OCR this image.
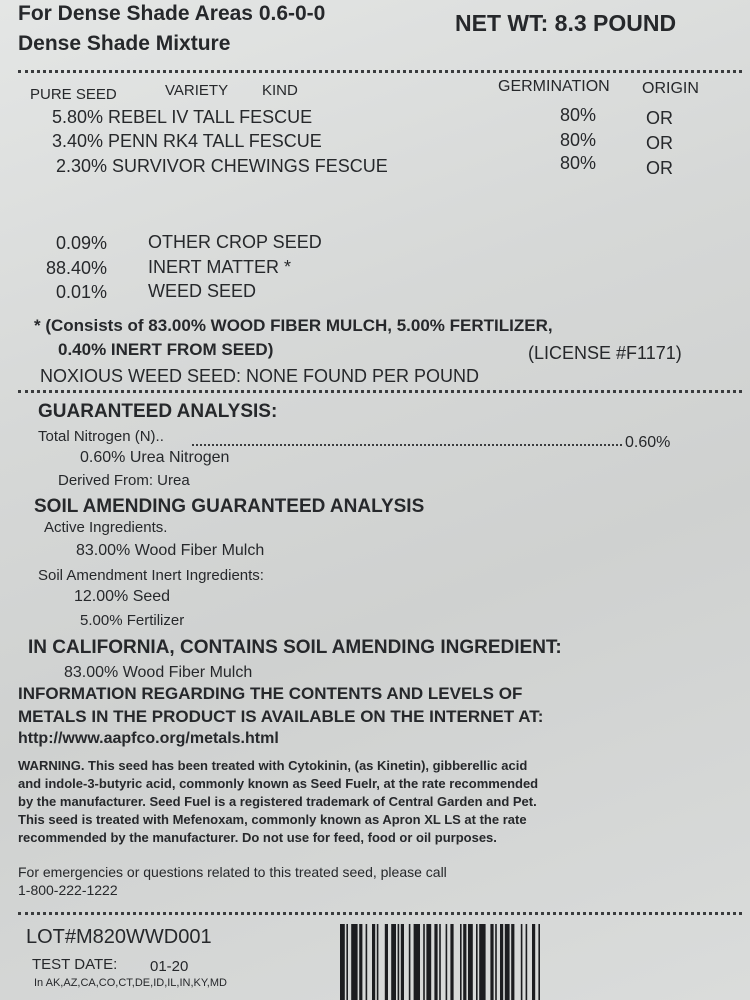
For Dense Shade Areas 0.6-0-0
Dense Shade Mixture
NET WT: 8.3 POUND
PURE SEED	VARIETY KIND	GERMINATION ORIGIN
5.80% REBEL IV TALL FESCUE	80%	OR
3.40% PENN RK4 TALL FESCUE	80%	OR
2.30% SURVIVOR CHEWINGS FESCUE	80%	OR
0.09% OTHER CROP SEED
88.40% INERT MATTER *
0.01% WEED SEED
* (Consists of 83.00% WOOD FIBER MULCH, 5.00% FERTILIZER,
0.40% INERT FROM SEED)	(LICENSE #F1171)
NOXIOUS WEED SEED: NONE FOUND PER POUND
GUARANTEED ANALYSIS:
Total Nitrogen (N)..	0.60%
0.60% Urea Nitrogen
Derived From: Urea
SOIL AMENDING GUARANTEED ANALYSIS
Active Ingredients.
83.00% Wood Fiber Mulch
Soil Amendment Inert Ingredients:
12.00% Seed
5.00% Fertilizer
IN CALIFORNIA, CONTAINS SOIL AMENDING INGREDIENT:
83.00% Wood Fiber Mulch
INFORMATION REGARDING THE CONTENTS AND LEVELS OF
METALS IN THE PRODUCT IS AVAILABLE ON THE INTERNET AT:
http://www.aapfco.org/metals.html
WARNING. This seed has been treated with Cytokinin, (as Kinetin), gibberellic acid
and indole-3-butyric acid, commonly known as Seed Fuelr, at the rate recommended
by the manufacturer. Seed Fuel is a registered trademark of Central Garden and Pet.
This seed is treated with Mefenoxam, commonly known as Apron XL LS at the rate
recommended by the manufacturer. Do not use for feed, food or oil purposes.
For emergencies or questions related to this treated seed, please call
1-800-222-1222
LOT#M820WWD001
TEST DATE: 01-20
In AK,AZ,CA,CO,CT,DE,ID,IL,IN,KY,MD
